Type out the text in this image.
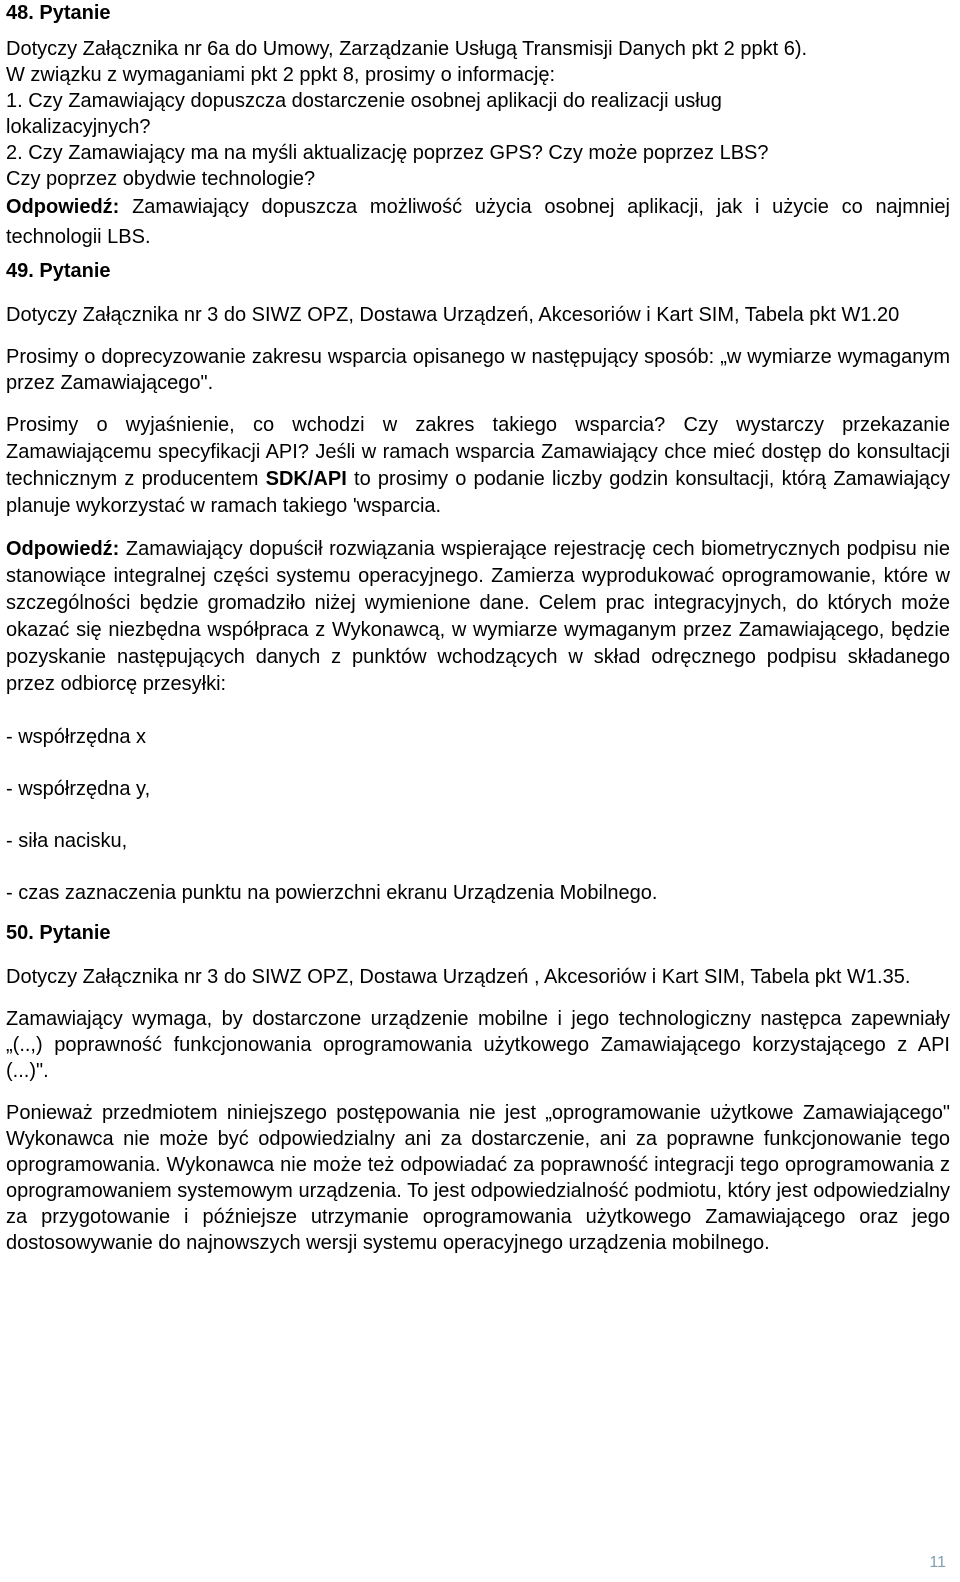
48. Pytanie

Dotyczy Załącznika nr 6a do Umowy, Zarządzanie Usługą Transmisji Danych pkt 2 ppkt 6).

W związku z wymaganiami pkt 2 ppkt 8, prosimy o informację:

1. Czy Zamawiający dopuszcza dostarczenie osobnej aplikacji do realizacji usług lokalizacyjnych?

2. Czy Zamawiający ma na myśli aktualizację poprzez GPS? Czy może poprzez LBS?

Czy poprzez obydwie technologie?

Odpowiedź: Zamawiający dopuszcza możliwość użycia osobnej aplikacji, jak i użycie co najmniej technologii LBS.

49. Pytanie

Dotyczy Załącznika nr 3 do SIWZ OPZ, Dostawa Urządzeń, Akcesoriów i Kart SIM, Tabela pkt W1.20

Prosimy o doprecyzowanie zakresu wsparcia opisanego w następujący sposób: „w wymiarze wymaganym przez Zamawiającego".

Prosimy o wyjaśnienie, co wchodzi w zakres takiego wsparcia? Czy wystarczy przekazanie Zamawiającemu specyfikacji API? Jeśli w ramach wsparcia Zamawiający chce mieć dostęp do konsultacji technicznym z producentem SDK/API to prosimy o podanie liczby godzin konsultacji, którą Zamawiający planuje wykorzystać w ramach takiego 'wsparcia.

Odpowiedź: Zamawiający dopuścił rozwiązania wspierające rejestrację cech biometrycznych podpisu nie stanowiące integralnej części systemu operacyjnego. Zamierza wyprodukować oprogramowanie, które w szczególności będzie gromadziło niżej wymienione dane. Celem prac integracyjnych, do których może okazać się niezbędna współpraca z Wykonawcą, w wymiarze wymaganym przez Zamawiającego, będzie pozyskanie następujących danych z punktów wchodzących w skład odręcznego podpisu składanego przez odbiorcę przesyłki:

- współrzędna x

- współrzędna y,

- siła nacisku,

- czas zaznaczenia punktu na powierzchni ekranu Urządzenia Mobilnego.

50. Pytanie

Dotyczy Załącznika nr 3 do SIWZ OPZ, Dostawa Urządzeń , Akcesoriów i Kart SIM, Tabela pkt W1.35.

Zamawiający wymaga, by dostarczone urządzenie mobilne i jego technologiczny następca zapewniały „(..,) poprawność funkcjonowania oprogramowania użytkowego Zamawiającego korzystającego z API (...)".

Ponieważ przedmiotem niniejszego postępowania nie jest „oprogramowanie użytkowe Zamawiającego" Wykonawca nie może być odpowiedzialny ani za dostarczenie, ani za poprawne funkcjonowanie tego oprogramowania. Wykonawca nie może też odpowiadać za poprawność integracji tego oprogramowania z oprogramowaniem systemowym urządzenia. To jest odpowiedzialność podmiotu, który jest odpowiedzialny za przygotowanie i późniejsze utrzymanie oprogramowania użytkowego Zamawiającego oraz jego dostosowywanie do najnowszych wersji systemu operacyjnego urządzenia mobilnego.

11
